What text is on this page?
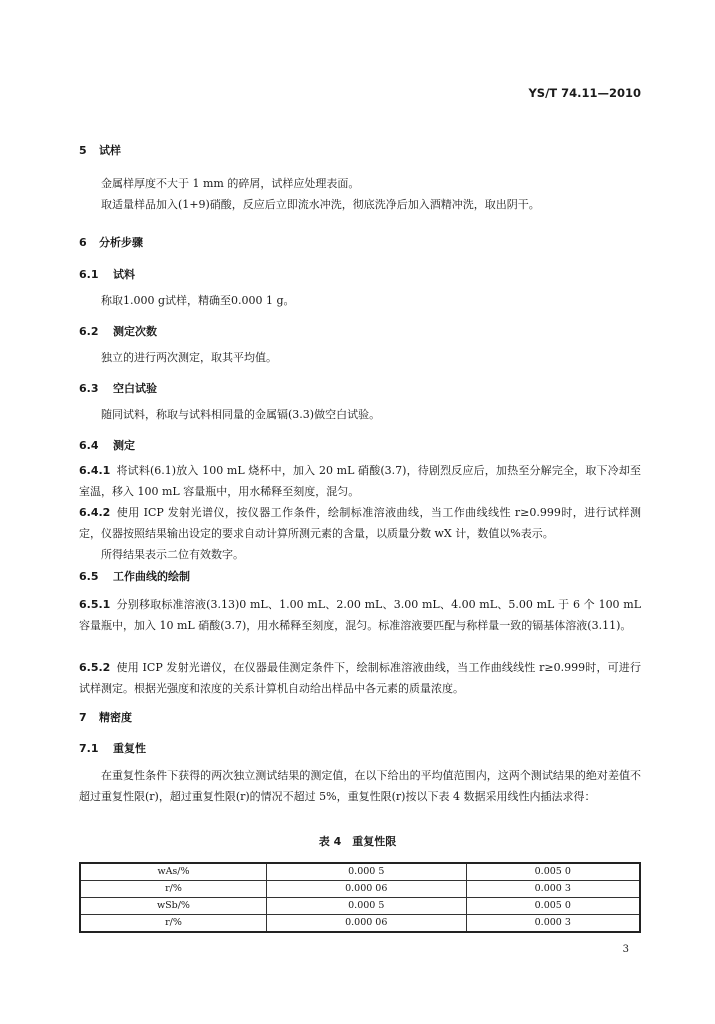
YS/T 74.11—2010
5 试样
金属样厚度不大于 1 mm 的碎屑，试样应处理表面。
取适量样品加入(1+9)硝酸，反应后立即流水冲洗，彻底洗净后加入酒精冲洗，取出阴干。
6 分析步骤
6.1 试料
称取1.000 g试样，精确至0.000 1 g。
6.2 测定次数
独立的进行两次测定，取其平均值。
6.3 空白试验
随同试料，称取与试料相同量的金属镉(3.3)做空白试验。
6.4 测定
6.4.1 将试料(6.1)放入 100 mL 烧杯中，加入 20 mL 硝酸(3.7)，待剧烈反应后，加热至分解完全，取下冷却至室温，移入 100 mL 容量瓶中，用水稀释至刻度，混匀。
6.4.2 使用 ICP 发射光谱仪，按仪器工作条件，绘制标准溶液曲线，当工作曲线线性 r≥0.999时，进行试样测定，仪器按照结果输出设定的要求自动计算所测元素的含量，以质量分数 wX 计，数值以%表示。
所得结果表示二位有效数字。
6.5 工作曲线的绘制
6.5.1 分别移取标准溶液(3.13)0 mL、1.00 mL、2.00 mL、3.00 mL、4.00 mL、5.00 mL 于 6 个 100 mL 容量瓶中，加入 10 mL 硝酸(3.7)，用水稀释至刻度，混匀。标准溶液要匹配与称样量一致的镉基体溶液(3.11)。
6.5.2 使用 ICP 发射光谱仪，在仪器最佳测定条件下，绘制标准溶液曲线，当工作曲线线性 r≥0.999时，可进行试样测定。根据光强度和浓度的关系计算机自动给出样品中各元素的质量浓度。
7 精密度
7.1 重复性
在重复性条件下获得的两次独立测试结果的测定值，在以下给出的平均值范围内，这两个测试结果的绝对差值不超过重复性限(r)，超过重复性限(r)的情况不超过 5%，重复性限(r)按以下表 4 数据采用线性内插法求得：
表 4　重复性限
wAs/%	0.000 5	0.005 0
r/%	0.000 06	0.000 3
wSb/%	0.000 5	0.005 0
r/%	0.000 06	0.000 3
3
